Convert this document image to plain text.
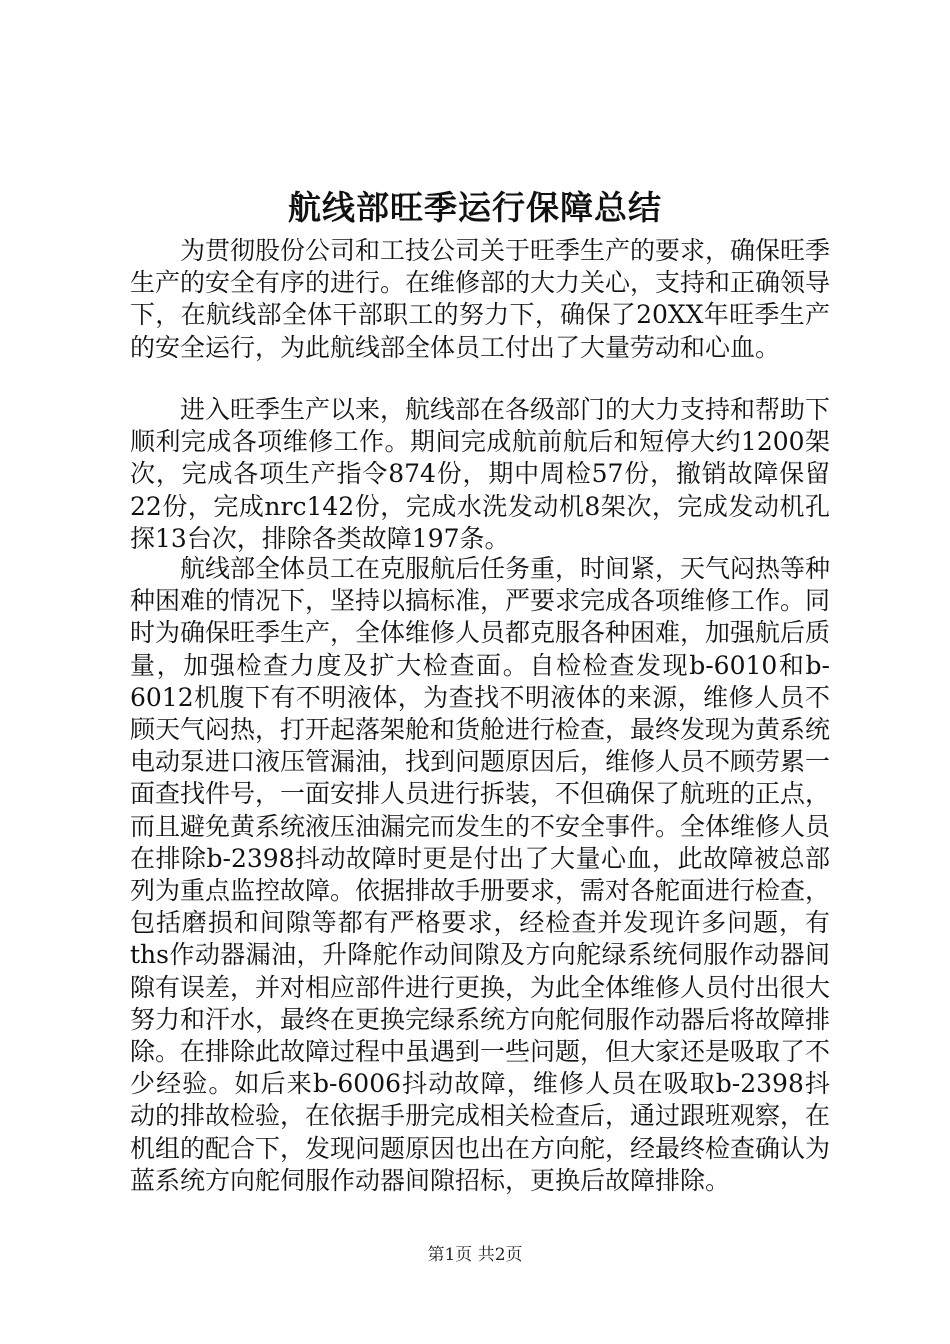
航线部旺季运行保障总结
为贯彻股份公司和工技公司关于旺季生产的要求，确保旺季生产的安全有序的进行。在维修部的大力关心，支持和正确领导下，在航线部全体干部职工的努力下，确保了20XX年旺季生产的安全运行，为此航线部全体员工付出了大量劳动和心血。
进入旺季生产以来，航线部在各级部门的大力支持和帮助下顺利完成各项维修工作。期间完成航前航后和短停大约1200架次，完成各项生产指令874份，期中周检57份，撤销故障保留22份，完成nrc142份，完成水洗发动机8架次，完成发动机孔探13台次，排除各类故障197条。
航线部全体员工在克服航后任务重，时间紧，天气闷热等种种困难的情况下，坚持以搞标准，严要求完成各项维修工作。同时为确保旺季生产，全体维修人员都克服各种困难，加强航后质量，加强检查力度及扩大检查面。自检检查发现b-6010和b-6012机腹下有不明液体，为查找不明液体的来源，维修人员不顾天气闷热，打开起落架舱和货舱进行检查，最终发现为黄系统电动泵进口液压管漏油，找到问题原因后，维修人员不顾劳累一面查找件号，一面安排人员进行拆装，不但确保了航班的正点，而且避免黄系统液压油漏完而发生的不安全事件。全体维修人员在排除b-2398抖动故障时更是付出了大量心血，此故障被总部列为重点监控故障。依据排故手册要求，需对各舵面进行检查，包括磨损和间隙等都有严格要求，经检查并发现许多问题，有ths作动器漏油，升降舵作动间隙及方向舵绿系统伺服作动器间隙有误差，并对相应部件进行更换，为此全体维修人员付出很大努力和汗水，最终在更换完绿系统方向舵伺服作动器后将故障排除。在排除此故障过程中虽遇到一些问题，但大家还是吸取了不少经验。如后来b-6006抖动故障，维修人员在吸取b-2398抖动的排故检验，在依据手册完成相关检查后，通过跟班观察，在机组的配合下，发现问题原因也出在方向舵，经最终检查确认为蓝系统方向舵伺服作动器间隙招标，更换后故障排除。
第1页 共2页
